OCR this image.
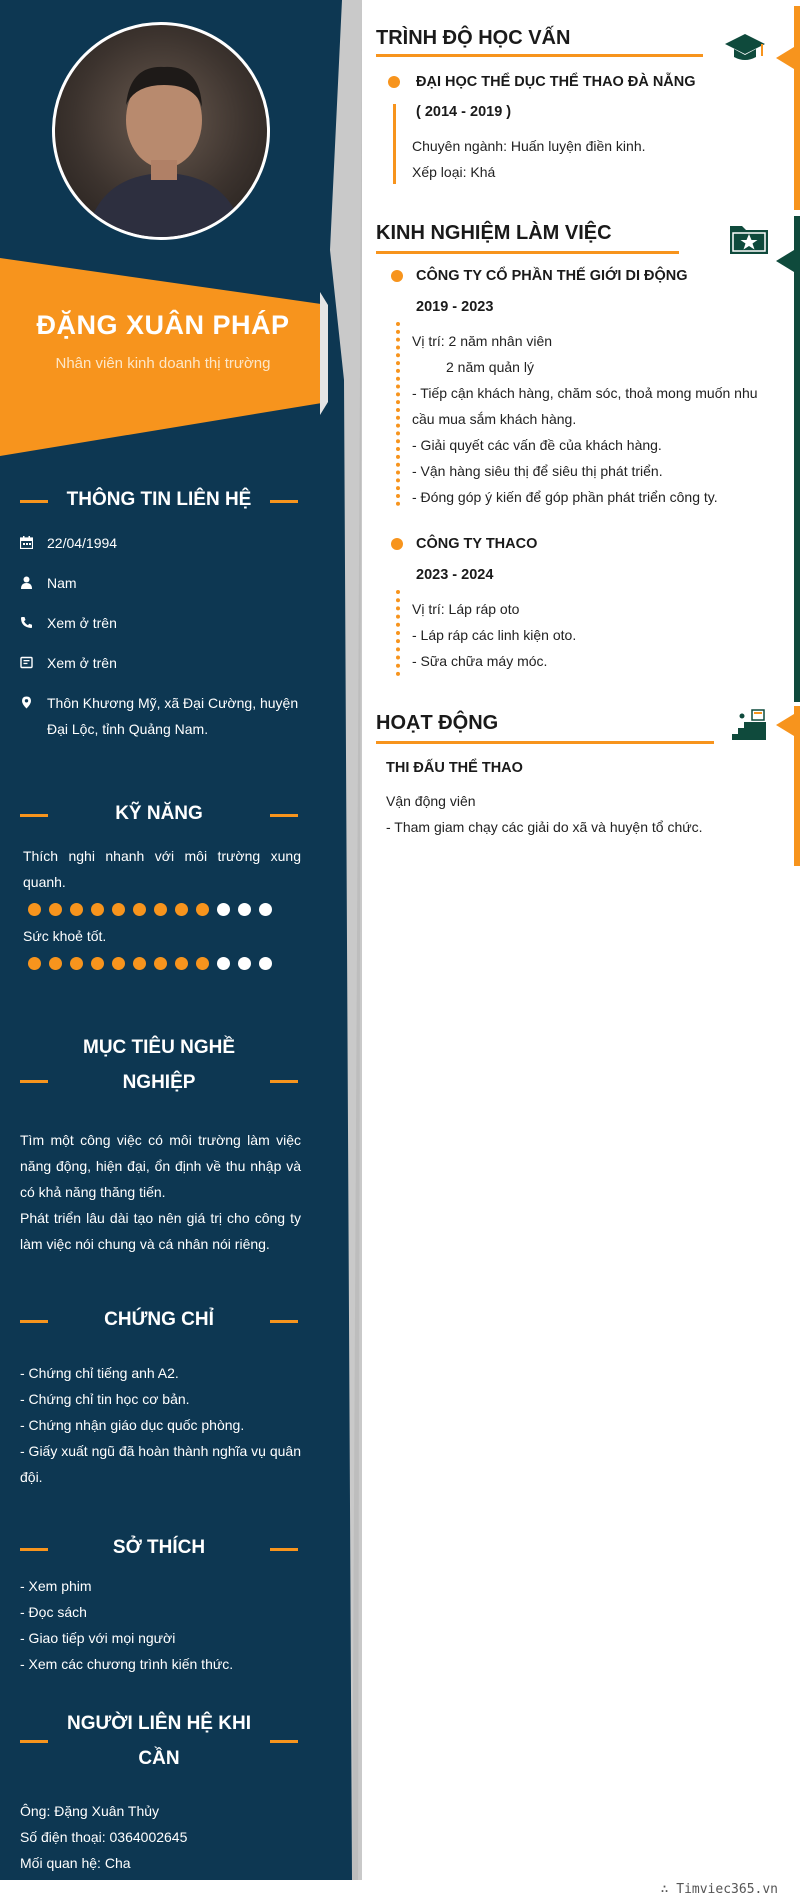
ĐẶNG XUÂN PHÁP
Nhân viên kinh doanh thị trường
THÔNG TIN LIÊN HỆ
22/04/1994
Nam
Xem ở trên
Xem ở trên
Thôn Khương Mỹ, xã Đại Cường, huyện Đại Lộc, tỉnh Quảng Nam.
KỸ NĂNG
Thích nghi nhanh với môi trường xung quanh.
Sức khoẻ tốt.
MỤC TIÊU NGHỀ
NGHIỆP
Tìm một công việc có môi trường làm việc năng động, hiện đại, ổn định về thu nhập và có khả năng thăng tiến.
Phát triển lâu dài tạo nên giá trị cho công ty làm việc nói chung và cá nhân nói riêng.
CHỨNG CHỈ
- Chứng chỉ tiếng anh A2.
- Chứng chỉ tin học cơ bản.
- Chứng nhận giáo dục quốc phòng.
- Giấy xuất ngũ đã hoàn thành nghĩa vụ quân đội.
SỞ THÍCH
- Xem phim
- Đọc sách
- Giao tiếp với mọi người
- Xem các chương trình kiến thức.
NGƯỜI LIÊN HỆ KHI
CẦN
Ông: Đặng Xuân Thủy
Số điện thoại: 0364002645
Mối quan hệ: Cha
TRÌNH ĐỘ HỌC VẤN
ĐẠI HỌC THỂ DỤC THỂ THAO ĐÀ NẴNG
( 2014 - 2019 )
Chuyên ngành: Huấn luyện điền kinh.
Xếp loại: Khá
KINH NGHIỆM LÀM VIỆC
CÔNG TY CỔ PHẦN THẾ GIỚI DI ĐỘNG
2019 - 2023
Vị trí: 2 năm nhân viên
2 năm quản lý
- Tiếp cận khách hàng, chăm sóc, thoả mong muốn nhu
cầu mua sắm khách hàng.
- Giải quyết các vấn đề của khách hàng.
- Vận hàng siêu thị để siêu thị phát triển.
- Đóng góp ý kiến để góp phần phát triển công ty.
CÔNG TY THACO
2023 - 2024
Vị trí: Láp ráp oto
- Láp ráp các linh kiện oto.
- Sữa chữa máy móc.
HOẠT ĐỘNG
THI ĐẤU THỂ THAO
Vận động viên
- Tham giam chạy các giải do xã và huyện tổ chức.
∴ Timviec365.vn
